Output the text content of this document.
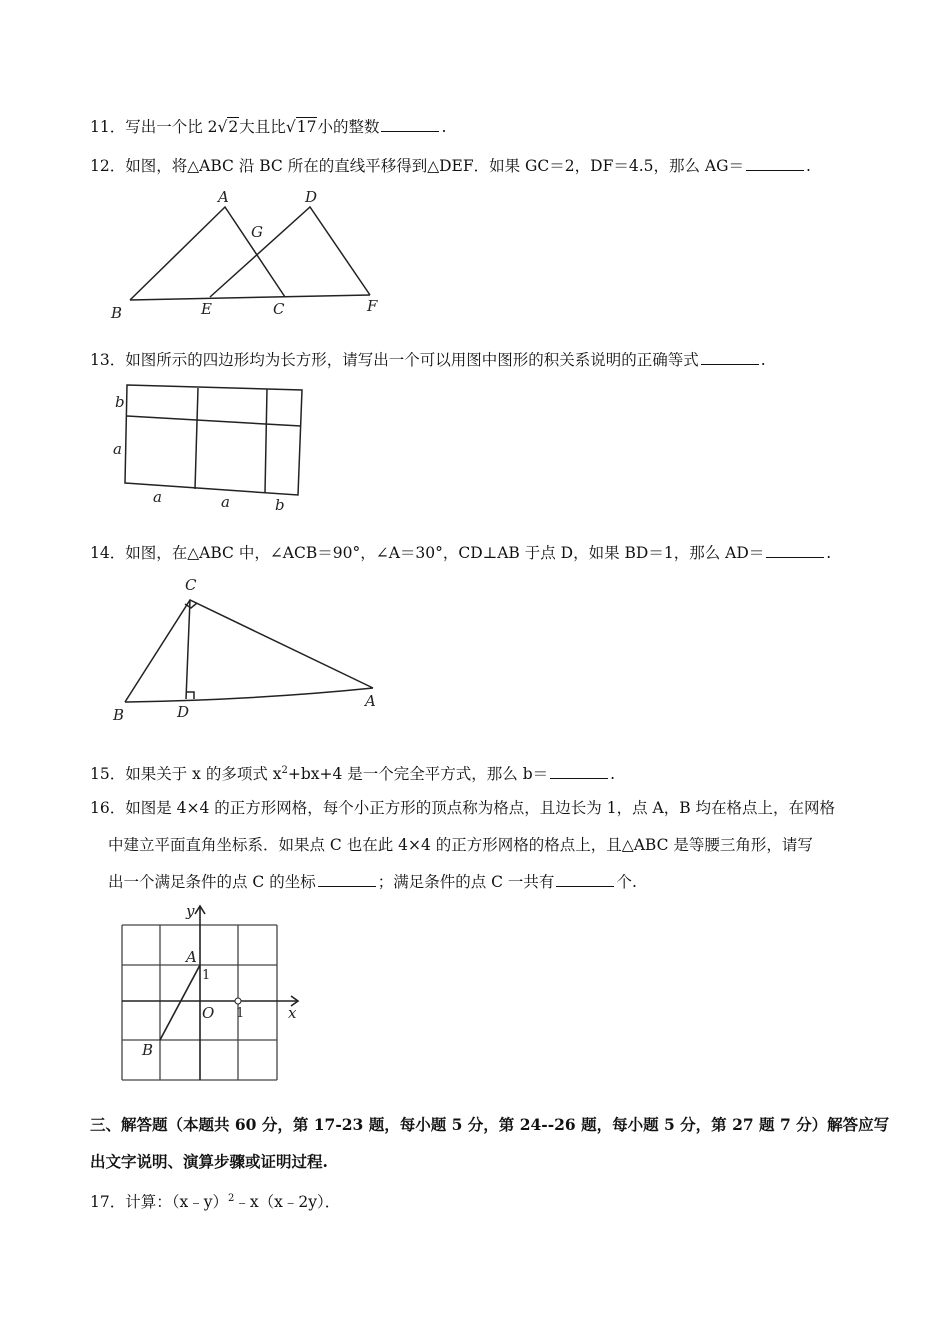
11．写出一个比 2√2大且比√17小的整数	.
12．如图，将△ABC 沿 BC 所在的直线平移得到△DEF．如果 GC＝2，DF＝4.5，那么 AG＝	.
A	D
G
B	E	C	F
13．如图所示的四边形均为长方形，请写出一个可以用图中图形的积关系说明的正确等式	.
b
a
a	a	b
14．如图，在△ABC 中，∠ACB＝90°，∠A＝30°，CD⊥AB 于点 D，如果 BD＝1，那么 AD＝	.
C
B	D
A
15．如果关于 x 的多项式 $x^2+bx+4$ 是一个完全平方式，那么 b＝	.
16．如图是 4×4 的正方形网格，每个小正方形的顶点称为格点，且边长为 1，点 A，B 均在格点上，在网格
中建立平面直角坐标系．如果点 C 也在此 4×4 的正方形网格的格点上，且△ABC 是等腰三角形，请写
出一个满足条件的点 C 的坐标	；满足条件的点 C 一共有	个.
y
A
1
O 1	x
B
三、解答题（本题共 60 分，第 17-23 题，每小题 5 分，第 24--26 题，每小题 5 分，第 27 题 7 分）解答应写
出文字说明、演算步骤或证明过程.
17．计算：（x﹣y）$^2$﹣x（x﹣2y）．
